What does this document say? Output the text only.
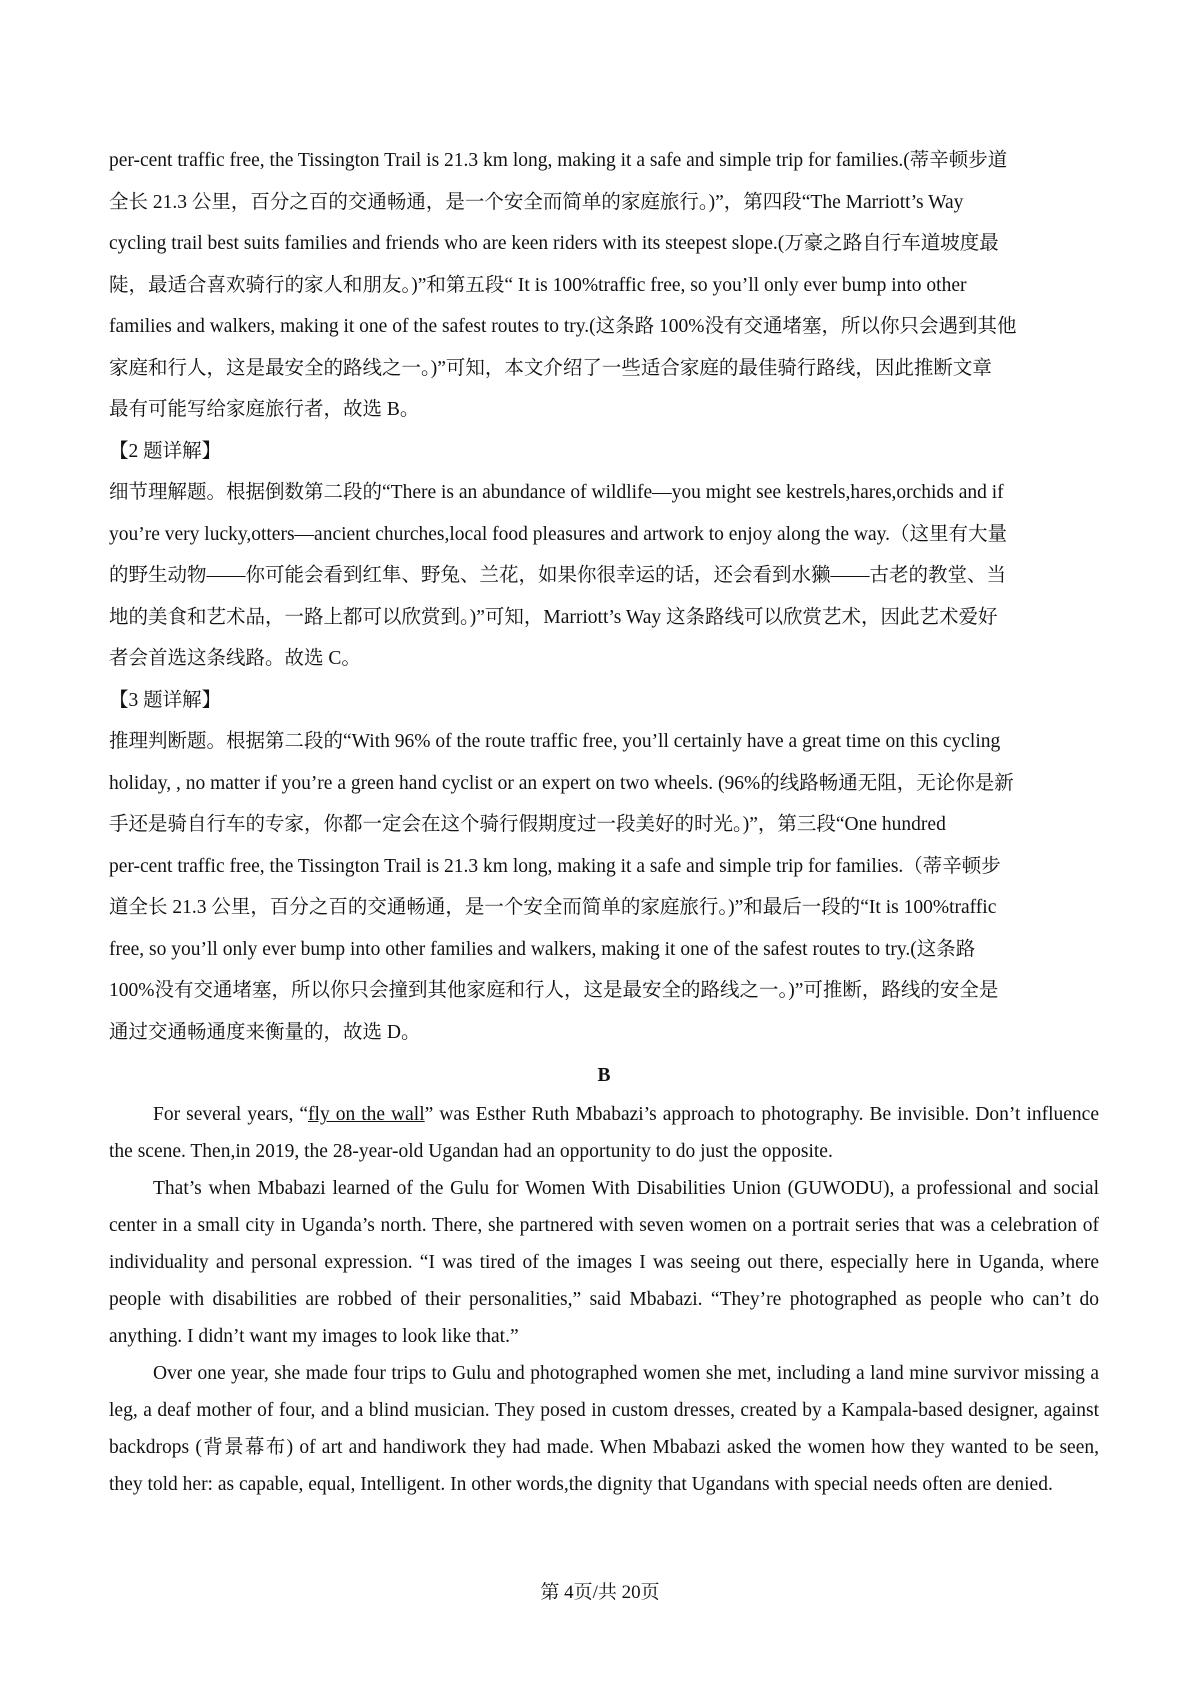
per-cent traffic free, the Tissington Trail is 21.3 km long, making it a safe and simple trip for families.(蒂辛顿步道
全长 21.3 公里，百分之百的交通畅通，是一个安全而简单的家庭旅行。)”，第四段“The Marriott’s Way
cycling trail best suits families and friends who are keen riders with its steepest slope.(万豪之路自行车道坡度最
陡，最适合喜欢骑行的家人和朋友。)”和第五段“ It is 100%traffic free, so you’ll only ever bump into other
families and walkers, making it one of the safest routes to try.(这条路 100%没有交通堵塞，所以你只会遇到其他
家庭和行人，这是最安全的路线之一。)”可知，本文介绍了一些适合家庭的最佳骑行路线，因此推断文章
最有可能写给家庭旅行者，故选 B。
【2 题详解】
细节理解题。根据倒数第二段的“There is an abundance of wildlife—you might see kestrels,hares,orchids and if
you’re very lucky,otters—ancient churches,local food pleasures and artwork to enjoy along the way.（这里有大量
的野生动物——你可能会看到红隼、野兔、兰花，如果你很幸运的话，还会看到水獭——古老的教堂、当
地的美食和艺术品，一路上都可以欣赏到。)”可知，Marriott’s Way 这条路线可以欣赏艺术，因此艺术爱好
者会首选这条线路。故选 C。
【3 题详解】
推理判断题。根据第二段的“With 96% of the route traffic free, you’ll certainly have a great time on this cycling
holiday, , no matter if you’re a green hand cyclist or an expert on two wheels. (96%的线路畅通无阻，无论你是新
手还是骑自行车的专家，你都一定会在这个骑行假期度过一段美好的时光。)”，第三段“One hundred
per-cent traffic free, the Tissington Trail is 21.3 km long, making it a safe and simple trip for families.（蒂辛顿步
道全长 21.3 公里，百分之百的交通畅通，是一个安全而简单的家庭旅行。)”和最后一段的“It is 100%traffic
free, so you’ll only ever bump into other families and walkers, making it one of the safest routes to try.(这条路
100%没有交通堵塞，所以你只会撞到其他家庭和行人，这是最安全的路线之一。)”可推断，路线的安全是
通过交通畅通度来衡量的，故选 D。
B

For several years, “fly on the wall” was Esther Ruth Mbabazi’s approach to photography. Be invisible. Don’t influence the scene. Then,in 2019, the 28-year-old Ugandan had an opportunity to do just the opposite.

That’s when Mbabazi learned of the Gulu for Women With Disabilities Union (GUWODU), a professional and social center in a small city in Uganda’s north. There, she partnered with seven women on a portrait series that was a celebration of individuality and personal expression. “I was tired of the images I was seeing out there, especially here in Uganda, where people with disabilities are robbed of their personalities,” said Mbabazi. “They’re photographed as people who can’t do anything. I didn’t want my images to look like that.”

Over one year, she made four trips to Gulu and photographed women she met, including a land mine survivor missing a leg, a deaf mother of four, and a blind musician. They posed in custom dresses, created by a Kampala-based designer, against backdrops (背景幕布) of art and handiwork they had made. When Mbabazi asked the women how they wanted to be seen, they told her: as capable, equal, Intelligent. In other words,the dignity that Ugandans with special needs often are denied.

第 4页/共 20页
